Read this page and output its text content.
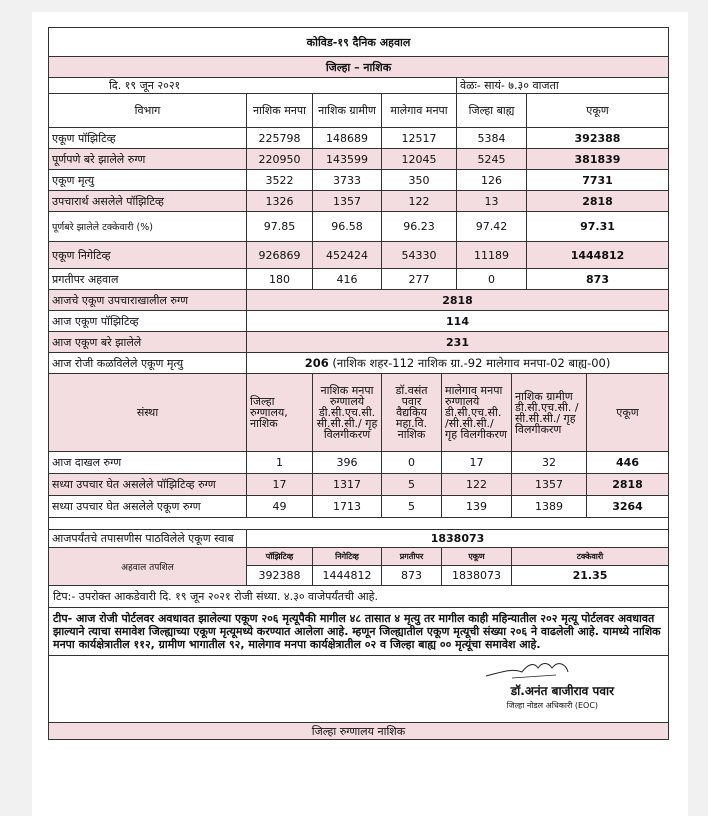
कोविड-१९ दैनिक अहवाल					
जिल्हा – नाशिक					
दि. १९ जून २०२१				वेळः- सायं- ७.३० वाजता	
विभाग	नाशिक मनपा	नाशिक ग्रामीण	मालेगाव मनपा	जिल्हा बाह्य	एकूण
एकूण पॉझिटिव्ह	225798	148689	12517	5384	392388
पूर्णपणे बरे झालेले रुग्ण	220950	143599	12045	5245	381839
एकूण मृत्यु	3522	3733	350	126	7731
उपचारार्थ असलेले पॉझिटिव्ह	1326	1357	122	13	2818
पूर्णबरे झालेले टक्केवारी (%)	97.85	96.58	96.23	97.42	97.31
एकूण निगेटिव्ह	926869	452424	54330	11189	1444812
प्रगतीपर अहवाल	180	416	277	0	873
आजचे एकूण उपचाराखालील रुग्ण	2818				
आज एकूण पॉझिटिव्ह	114				
आज एकूण बरे झालेले	231				
आज रोजी कळविलेले एकूण मृत्यु	206 (नाशिक शहर-112 नाशिक ग्रा.-92 मालेगाव मनपा-02 बाह्य-00)				
संस्था	जिल्हा रुग्णालय, नाशिक	नाशिक मनपा रुग्णालये डी.सी.एच.सी. सी.सी.सी./ गृह विलगीकरण	डॉ.वसंत पवार वैद्यकिय महा.वि. नाशिक	मालेगाव मनपा रुग्णालये डी.सी.एच.सी. /सी.सी.सी./ गृह विलगीकरण	नाशिक ग्रामीण डी.सी.एच.सी. /सी.सी.सी./ गृह विलगीकरण	एकूण
आज दाखल रुग्ण	1	396	0	17	32	446
सध्या उपचार घेत असलेले पॉझिटिव्ह रुग्ण	17	1317	5	122	1357	2818
सध्या उपचार घेत असलेले एकूण रुग्ण	49	1713	5	139	1389	3264

आजपर्यंतचे तपासणीस पाठविलेले एकूण स्वाब	1838073				
अहवाल तपशिल	पॉझिटिव्ह	निगेटिव्ह	प्रगतीपर	एकूण	टक्केवारी
	392388	1444812	873	1838073	21.35
टिप:- उपरोक्त आकडेवारी दि. १९ जून २०२१ रोजी संध्या. ४.३० वाजेपर्यंतची आहे.					
टीप- आज रोजी पोर्टलवर अवधावत झालेल्या एकूण २०६ मृत्यूपैकी मागील ४८ तासात ४ मृत्यु तर मागील काही महिन्यातील २०२ मृत्यू पोर्टलवर अवधावत झाल्याने त्याचा समावेश जिल्ह्याच्या एकूण मृत्यूमध्ये करण्यात आलेला आहे. म्हणून जिल्ह्यातील एकूण मृत्यूची संख्या २०६ ने वाढलेली आहे. यामध्ये नाशिक मनपा कार्यक्षेत्रातील ११२, ग्रामीण भागातील ९२, मालेगाव मनपा कार्यक्षेत्रातील ०२ व जिल्हा बाह्य ०० मृत्यूंचा समावेश आहे.					

डॉ.अनंत बाजीराव पवार
जिल्हा नोडल अधिकारी (EOC)					

जिल्हा रुग्णालय नाशिक					
